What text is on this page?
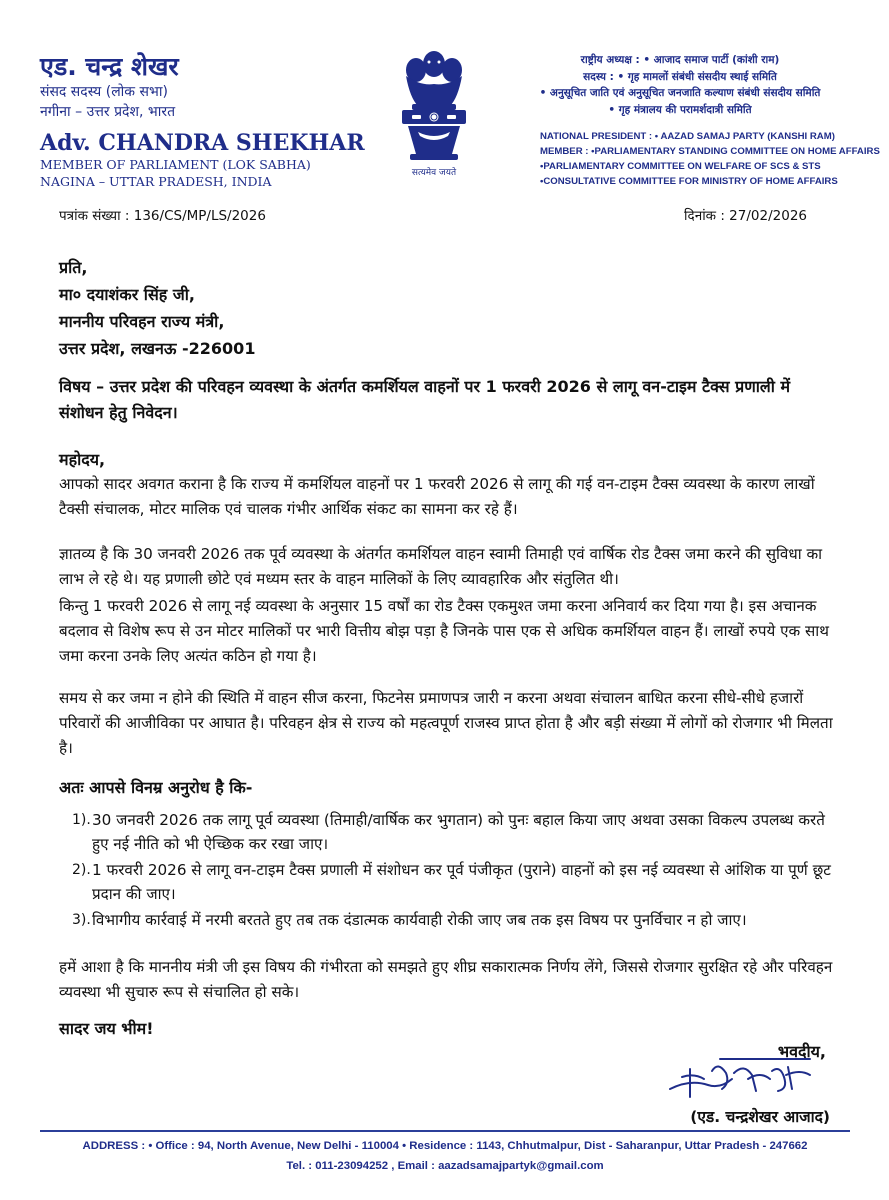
एड. चन्द्र शेखर
संसद सदस्य (लोक सभा)
नगीना – उत्तर प्रदेश, भारत
Adv. CHANDRA SHEKHAR
MEMBER OF PARLIAMENT (LOK SABHA)
NAGINA – UTTAR PRADESH, INDIA
सत्यमेव जयते
राष्ट्रीय अध्यक्ष : • आजाद समाज पार्टी (कांशी राम)
सदस्य : • गृह मामलों संबंधी संसदीय स्थाई समिति
• अनुसूचित जाति एवं अनुसूचित जनजाति कल्याण संबंधी संसदीय समिति
• गृह मंत्रालय की परामर्शदात्री समिति
NATIONAL PRESIDENT : • AAZAD SAMAJ PARTY (KANSHI RAM)
MEMBER : •PARLIAMENTARY STANDING COMMITTEE ON HOME AFFAIRS
•PARLIAMENTARY COMMITTEE ON WELFARE OF SCS & STS
•CONSULTATIVE COMMITTEE FOR MINISTRY OF HOME AFFAIRS
पत्रांक संख्या : 136/CS/MP/LS/2026	दिनांक : 27/02/2026
प्रति,
मा० दयाशंकर सिंह जी,
माननीय परिवहन राज्य मंत्री,
उत्तर प्रदेश, लखनऊ -226001
विषय – उत्तर प्रदेश की परिवहन व्यवस्था के अंतर्गत कमर्शियल वाहनों पर 1 फरवरी 2026 से लागू वन-टाइम टैक्स प्रणाली में संशोधन हेतु निवेदन।
महोदय,

आपको सादर अवगत कराना है कि राज्य में कमर्शियल वाहनों पर 1 फरवरी 2026 से लागू की गई वन-टाइम टैक्स व्यवस्था के कारण लाखों टैक्सी संचालक, मोटर मालिक एवं चालक गंभीर आर्थिक संकट का सामना कर रहे हैं।

ज्ञातव्य है कि 30 जनवरी 2026 तक पूर्व व्यवस्था के अंतर्गत कमर्शियल वाहन स्वामी तिमाही एवं वार्षिक रोड टैक्स जमा करने की सुविधा का लाभ ले रहे थे। यह प्रणाली छोटे एवं मध्यम स्तर के वाहन मालिकों के लिए व्यावहारिक और संतुलित थी।

किन्तु 1 फरवरी 2026 से लागू नई व्यवस्था के अनुसार 15 वर्षों का रोड टैक्स एकमुश्त जमा करना अनिवार्य कर दिया गया है। इस अचानक बदलाव से विशेष रूप से उन मोटर मालिकों पर भारी वित्तीय बोझ पड़ा है जिनके पास एक से अधिक कमर्शियल वाहन हैं। लाखों रुपये एक साथ जमा करना उनके लिए अत्यंत कठिन हो गया है।

समय से कर जमा न होने की स्थिति में वाहन सीज करना, फिटनेस प्रमाणपत्र जारी न करना अथवा संचालन बाधित करना सीधे-सीधे हजारों परिवारों की आजीविका पर आघात है। परिवहन क्षेत्र से राज्य को महत्वपूर्ण राजस्व प्राप्त होता है और बड़ी संख्या में लोगों को रोजगार भी मिलता है।

अतः आपसे विनम्र अनुरोध है कि-
1). 30 जनवरी 2026 तक लागू पूर्व व्यवस्था (तिमाही/वार्षिक कर भुगतान) को पुनः बहाल किया जाए अथवा उसका विकल्प उपलब्ध करते हुए नई नीति को भी ऐच्छिक कर रखा जाए।
2). 1 फरवरी 2026 से लागू वन-टाइम टैक्स प्रणाली में संशोधन कर पूर्व पंजीकृत (पुराने) वाहनों को इस नई व्यवस्था से आंशिक या पूर्ण छूट प्रदान की जाए।
3). विभागीय कार्रवाई में नरमी बरतते हुए तब तक दंडात्मक कार्यवाही रोकी जाए जब तक इस विषय पर पुनर्विचार न हो जाए।

हमें आशा है कि माननीय मंत्री जी इस विषय की गंभीरता को समझते हुए शीघ्र सकारात्मक निर्णय लेंगे, जिससे रोजगार सुरक्षित रहे और परिवहन व्यवस्था भी सुचारु रूप से संचालित हो सके।

सादर जय भीम!
भवदीय,
(एड. चन्द्रशेखर आजाद)
ADDRESS : • Office : 94, North Avenue, New Delhi - 110004 • Residence : 1143, Chhutmalpur, Dist - Saharanpur, Uttar Pradesh - 247662
Tel. : 011-23094252 , Email : aazadsamajpartyk@gmail.com
